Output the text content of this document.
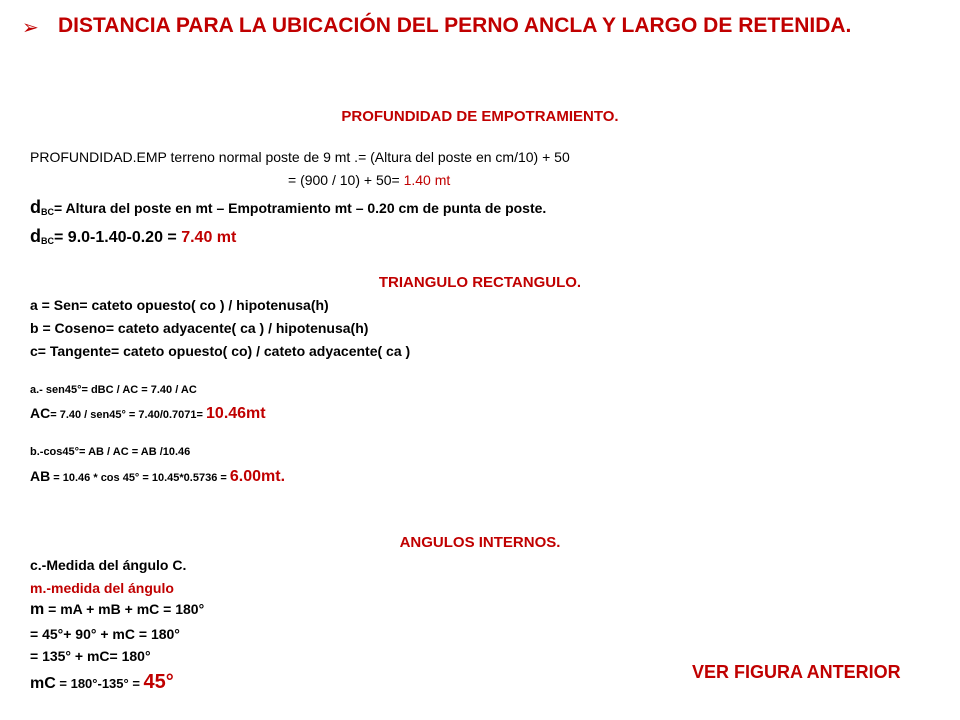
➢ DISTANCIA PARA LA UBICACIÓN DEL PERNO ANCLA Y LARGO DE RETENIDA.
PROFUNDIDAD DE EMPOTRAMIENTO.
PROFUNDIDAD.EMP terreno normal poste de 9 mt .= (Altura del poste en cm/10) + 50
= (900 / 10) + 50= 1.40 mt
$d_{BC}=$ Altura del poste en mt – Empotramiento mt – 0.20 cm de punta de poste.
$d_{BC}= 9.0-1.40-0.20 = 7.40$ mt
TRIANGULO RECTANGULO.
a = Sen= cateto opuesto( co ) / hipotenusa(h)
b = Coseno= cateto adyacente( ca ) / hipotenusa(h)
c= Tangente= cateto opuesto( co) / cateto adyacente( ca )
a.- sen45°= dBC / AC = 7.40 / AC
AC= 7.40 / sen45° = 7.40/0.7071= 10.46mt
b.-cos45°= AB / AC = AB /10.46
AB = 10.46 * cos 45° = 10.45*0.5736 = 6.00mt.
ANGULOS INTERNOS.
c.-Medida del ángulo C.
m.-medida del ángulo
m = mA + mB + mC = 180°
= 45°+ 90° + mC = 180°
= 135° + mC= 180°
mC = 180°-135° = 45°	VER FIGURA ANTERIOR
